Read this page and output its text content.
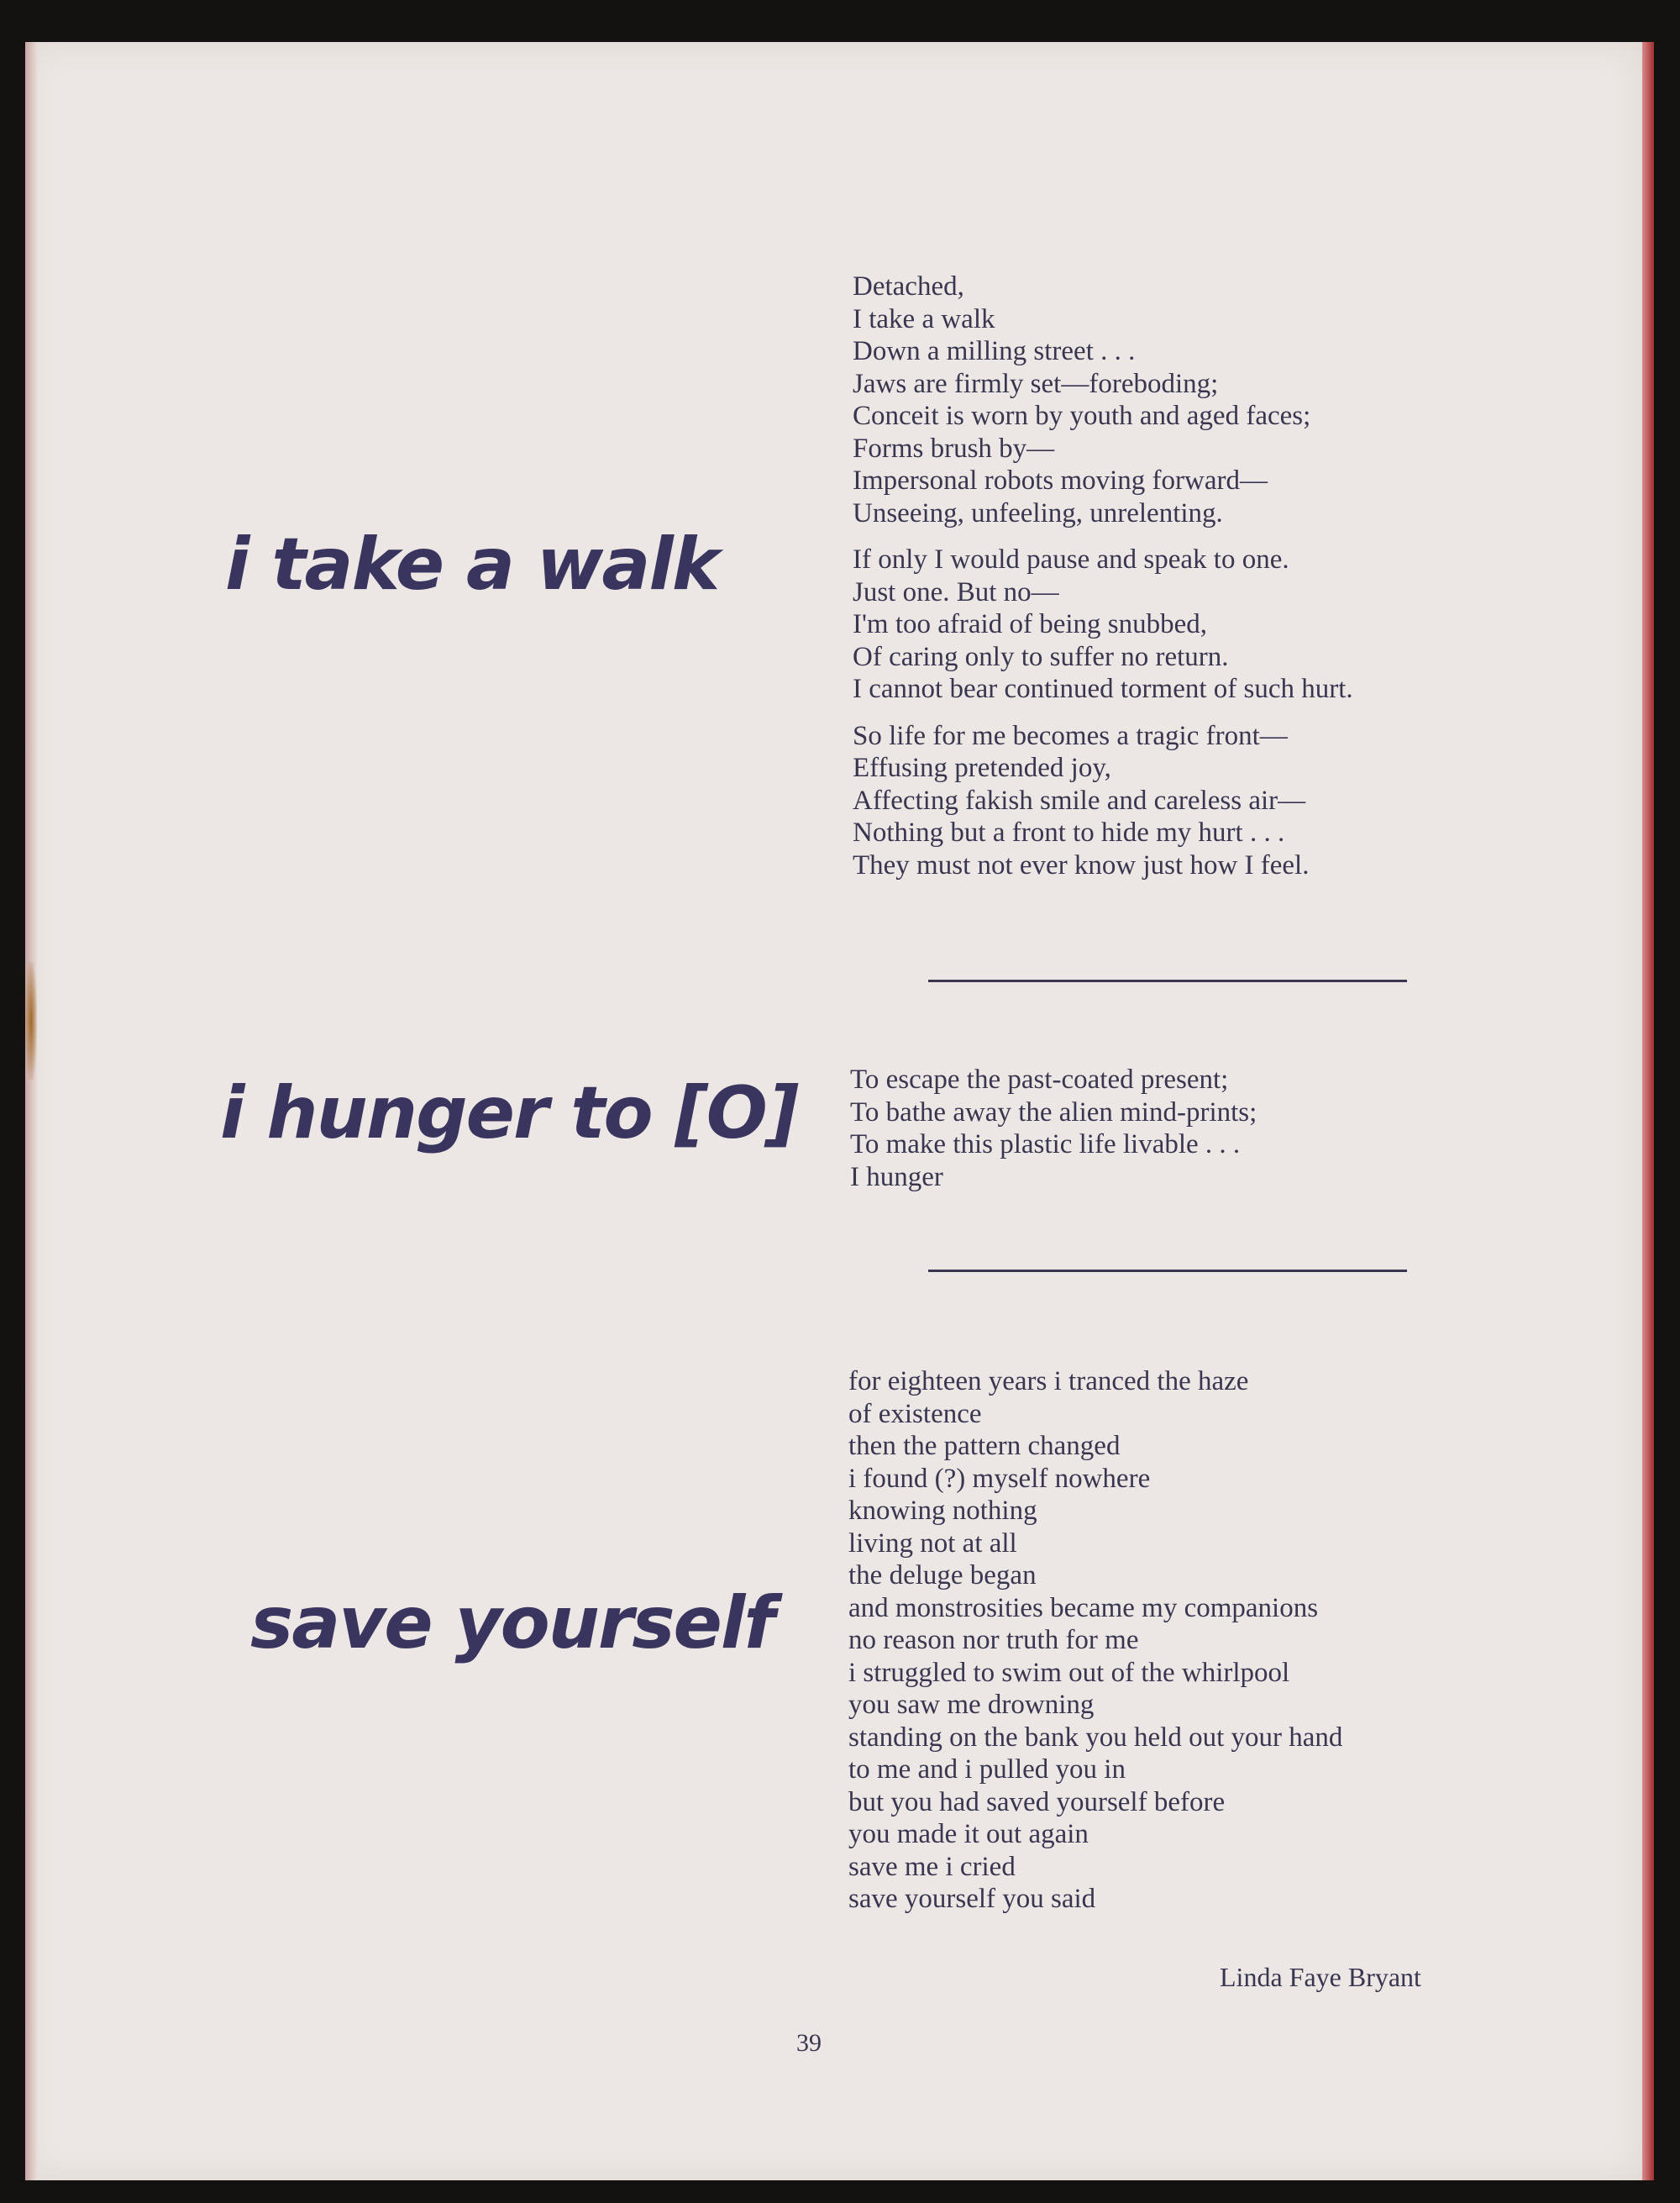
i take a walk
Detached,
I take a walk
Down a milling street . . .
Jaws are firmly set—foreboding;
Conceit is worn by youth and aged faces;
Forms brush by—
Impersonal robots moving forward—
Unseeing, unfeeling, unrelenting.
If only I would pause and speak to one.
Just one. But no—
I'm too afraid of being snubbed,
Of caring only to suffer no return.
I cannot bear continued torment of such hurt.
So life for me becomes a tragic front—
Effusing pretended joy,
Affecting fakish smile and careless air—
Nothing but a front to hide my hurt . . .
They must not ever know just how I feel.
i hunger to [O] To escape the past-coated present;
To bathe away the alien mind-prints;
To make this plastic life livable . . .
I hunger
save yourself
for eighteen years i tranced the haze
of existence
then the pattern changed
i found (?) myself nowhere
knowing nothing
living not at all
the deluge began
and monstrosities became my companions
no reason nor truth for me
i struggled to swim out of the whirlpool
you saw me drowning
standing on the bank you held out your hand
to me and i pulled you in
but you had saved yourself before
you made it out again
save me i cried
save yourself you said
Linda Faye Bryant
39
